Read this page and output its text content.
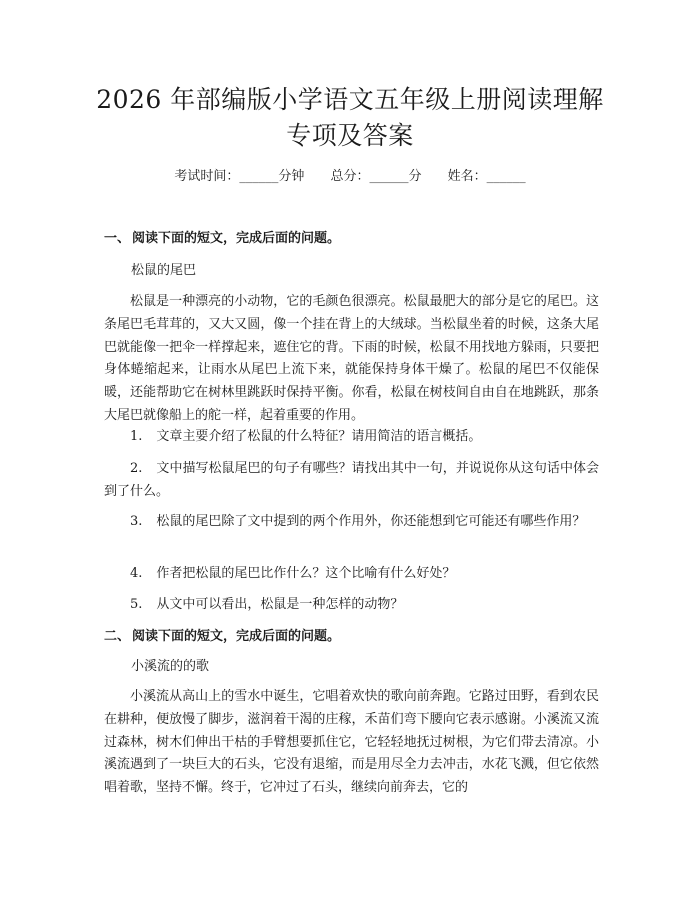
2026 年部编版小学语文五年级上册阅读理解
专项及答案
考试时间：______分钟 总分：______分 姓名：______
一、 阅读下面的短文，完成后面的问题。
松鼠的尾巴

松鼠是一种漂亮的小动物，它的毛颜色很漂亮。松鼠最肥大的部分是它的尾巴。这条尾巴毛茸茸的，又大又圆，像一个挂在背上的大绒球。当松鼠坐着的时候，这条大尾巴就能像一把伞一样撑起来，遮住它的背。下雨的时候，松鼠不用找地方躲雨，只要把身体蜷缩起来，让雨水从尾巴上流下来，就能保持身体干燥了。松鼠的尾巴不仅能保暖，还能帮助它在树林里跳跃时保持平衡。你看，松鼠在树枝间自由自在地跳跃，那条大尾巴就像船上的舵一样，起着重要的作用。

1. 文章主要介绍了松鼠的什么特征？请用简洁的语言概括。

2. 文中描写松鼠尾巴的句子有哪些？请找出其中一句，并说说你从这句话中体会到了什么。

3. 松鼠的尾巴除了文中提到的两个作用外，你还能想到它可能还有哪些作用？

4. 作者把松鼠的尾巴比作什么？这个比喻有什么好处？

5. 从文中可以看出，松鼠是一种怎样的动物？

二、 阅读下面的短文，完成后面的问题。
小溪流的的歌

小溪流从高山上的雪水中诞生，它唱着欢快的歌向前奔跑。它路过田野，看到农民在耕种，便放慢了脚步，滋润着干渴的庄稼，禾苗们弯下腰向它表示感谢。小溪流又流过森林，树木们伸出干枯的手臂想要抓住它，它轻轻地抚过树根，为它们带去清凉。小溪流遇到了一块巨大的石头，它没有退缩，而是用尽全力去冲击，水花飞溅，但它依然唱着歌，坚持不懈。终于，它冲过了石头，继续向前奔去，它的
